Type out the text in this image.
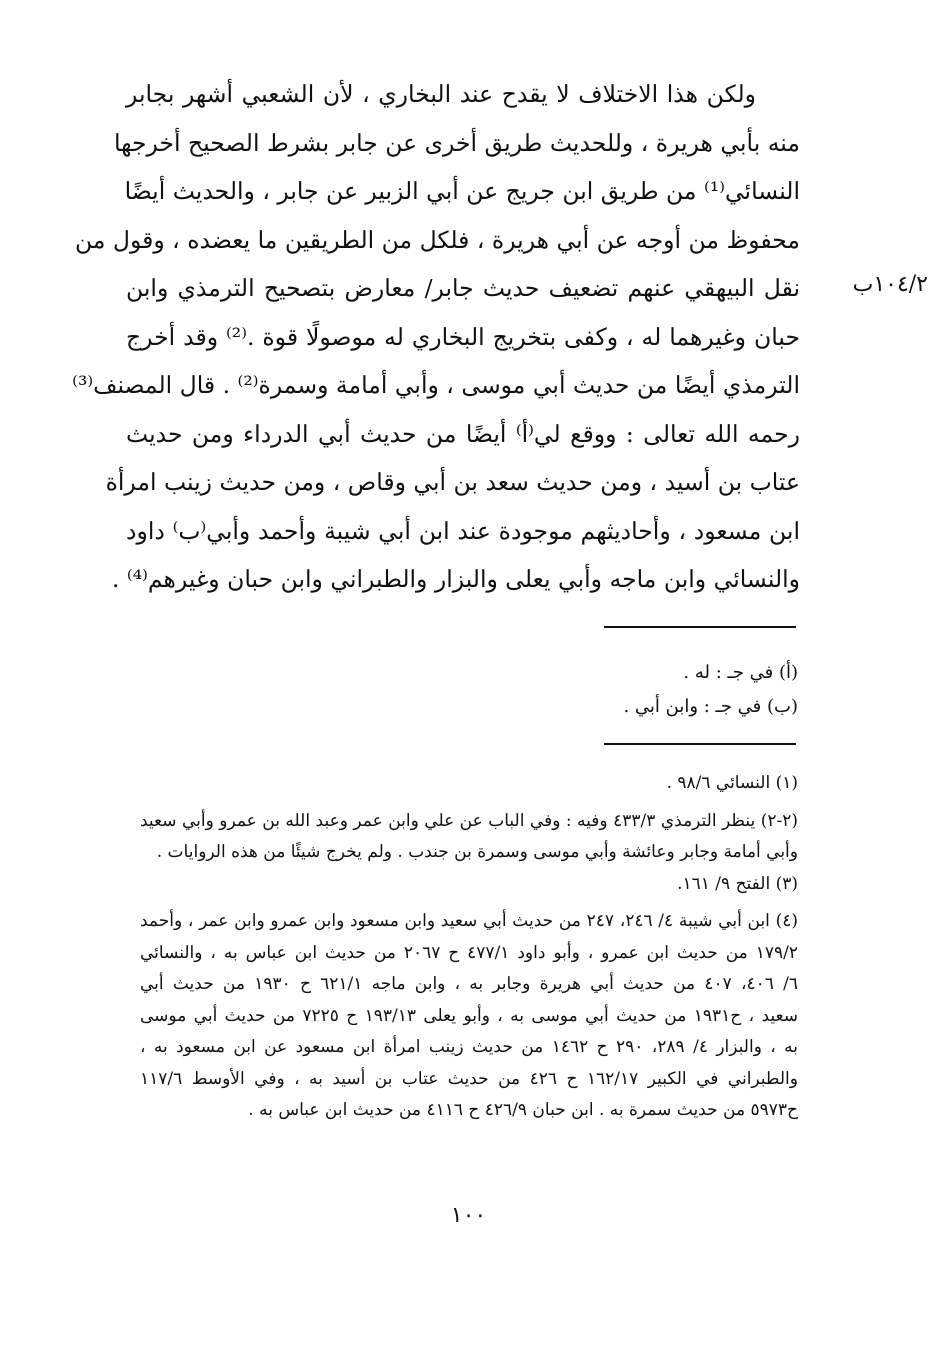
١٠٤/٢ب
ولكن هذا الاختلاف لا يقدح عند البخاري ، لأن الشعبي أشهر بجابر
منه بأبي هريرة ، وللحديث طريق أخرى عن جابر بشرط الصحيح أخرجها
النسائي⁽¹⁾ من طريق ابن جريج عن أبي الزبير عن جابر ، والحديث أيضًا
محفوظ من أوجه عن أبي هريرة ، فلكل من الطريقين ما يعضده ، وقول من
نقل البيهقي عنهم تضعيف حديث جابر/ معارض بتصحيح الترمذي وابن
حبان وغيرهما له ، وكفى بتخريج البخاري له موصولًا قوة .⁽²⁾ وقد أخرج
الترمذي أيضًا من حديث أبي موسى ، وأبي أمامة وسمرة⁽²⁾ . قال المصنف⁽³⁾
رحمه الله تعالى : ووقع لي⁽أ⁾ أيضًا من حديث أبي الدرداء ومن حديث
عتاب بن أسيد ، ومن حديث سعد بن أبي وقاص ، ومن حديث زينب امرأة
ابن مسعود ، وأحاديثهم موجودة عند ابن أبي شيبة وأحمد وأبي⁽ب⁾ داود
والنسائي وابن ماجه وأبي يعلى والبزار والطبراني وابن حبان وغيرهم⁽⁴⁾ .
(أ) في جـ : له .
(ب) في جـ : وابن أبي .
(١) النسائي ٩٨/٦ .
(٢-٢) ينظر الترمذي ٤٣٣/٣ وفيه : وفي الباب عن علي وابن عمر وعبد الله بن عمرو وأبي سعيد
وأبي أمامة وجابر وعائشة وأبي موسى وسمرة بن جندب . ولم يخرج شيئًا من هذه الروايات .
(٣) الفتح ٩/ ١٦١.
(٤) ابن أبي شيبة ٤/ ٢٤٦، ٢٤٧ من حديث أبي سعيد وابن مسعود وابن عمرو وابن عمر ، وأحمد
١٧٩/٢ من حديث ابن عمرو ، وأبو داود ٤٧٧/١ ح ٢٠٦٧ من حديث ابن عباس به ، والنسائي
٦/ ٤٠٦، ٤٠٧ من حديث أبي هريرة وجابر به ، وابن ماجه ٦٢١/١ ح ١٩٣٠ من حديث أبي
سعيد ، ح١٩٣١ من حديث أبي موسى به ، وأبو يعلى ١٩٣/١٣ ح ٧٢٢٥ من حديث أبي موسى
به ، والبزار ٤/ ٢٨٩، ٢٩٠ ح ١٤٦٢ من حديث زينب امرأة ابن مسعود عن ابن مسعود به ،
والطبراني في الكبير ١٦٢/١٧ ح ٤٢٦ من حديث عتاب بن أسيد به ، وفي الأوسط ١١٧/٦
ح٥٩٧٣ من حديث سمرة به . ابن حبان ٤٢٦/٩ ح ٤١١٦ من حديث ابن عباس به .
١٠٠
